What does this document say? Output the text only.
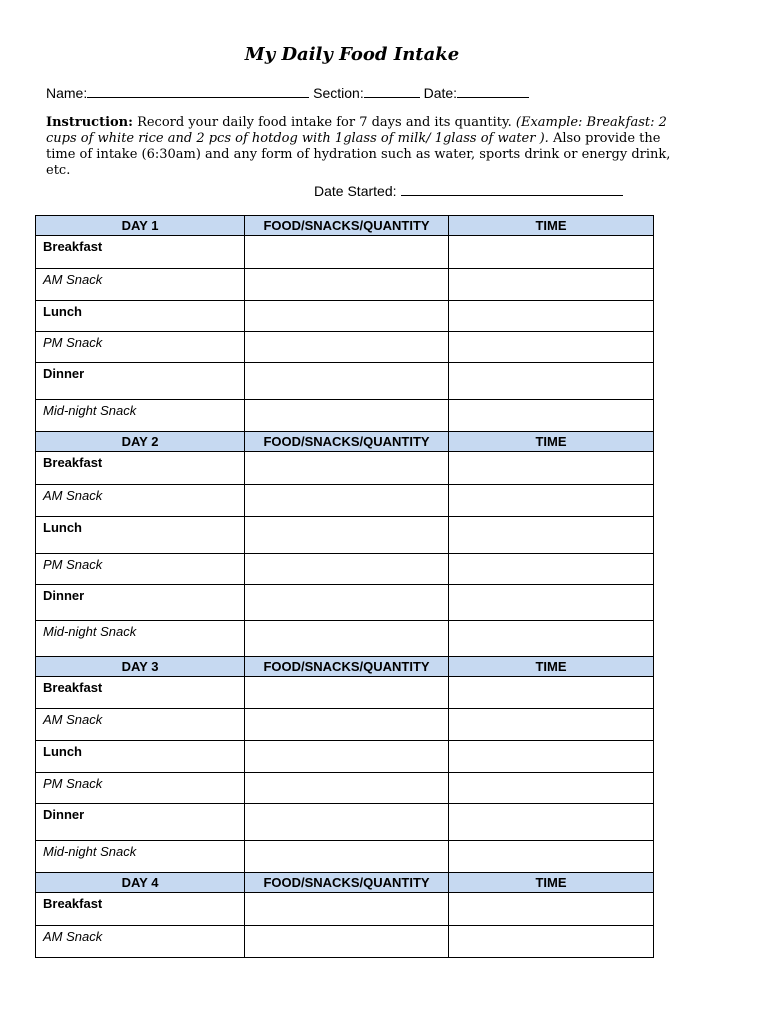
My Daily Food Intake
Name:	Section:	Date:
Instruction: Record your daily food intake for 7 days and its quantity. (Example: Breakfast: 2 cups of white rice and 2 pcs of hotdog with 1glass of milk/ 1glass of water ). Also provide the time of intake (6:30am) and any form of hydration such as water, sports drink or energy drink, etc.
Date Started:
DAY 1	FOOD/SNACKS/QUANTITY	TIME
Breakfast		
AM Snack		
Lunch		
PM Snack		
Dinner		
Mid-night Snack		
DAY 2	FOOD/SNACKS/QUANTITY	TIME
Breakfast		
AM Snack		
Lunch		
PM Snack		
Dinner		
Mid-night Snack		
DAY 3	FOOD/SNACKS/QUANTITY	TIME
Breakfast		
AM Snack		
Lunch		
PM Snack		
Dinner		
Mid-night Snack		
DAY 4	FOOD/SNACKS/QUANTITY	TIME
Breakfast		
AM Snack		
